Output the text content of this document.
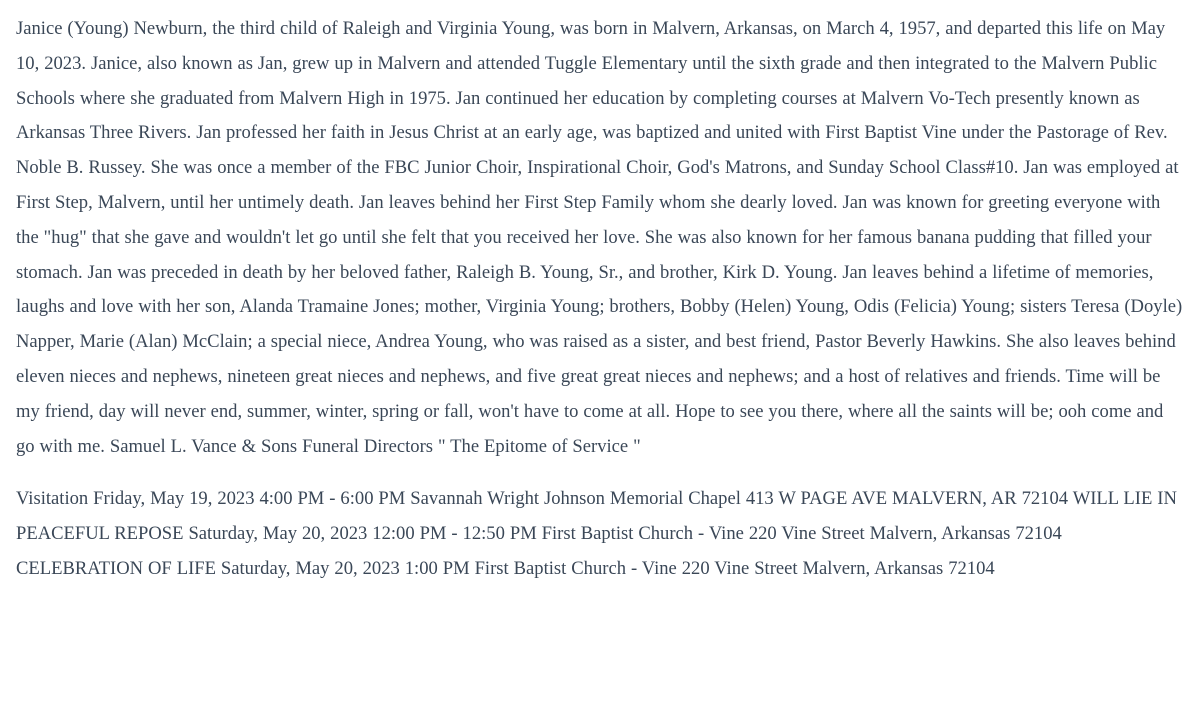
Janice (Young) Newburn, the third child of Raleigh and Virginia Young, was born in Malvern, Arkansas, on March 4, 1957, and departed this life on May 10, 2023. Janice, also known as Jan, grew up in Malvern and attended Tuggle Elementary until the sixth grade and then integrated to the Malvern Public Schools where she graduated from Malvern High in 1975. Jan continued her education by completing courses at Malvern Vo-Tech presently known as Arkansas Three Rivers. Jan professed her faith in Jesus Christ at an early age, was baptized and united with First Baptist Vine under the Pastorage of Rev. Noble B. Russey. She was once a member of the FBC Junior Choir, Inspirational Choir, God's Matrons, and Sunday School Class#10. Jan was employed at First Step, Malvern, until her untimely death. Jan leaves behind her First Step Family whom she dearly loved. Jan was known for greeting everyone with the "hug" that she gave and wouldn't let go until she felt that you received her love. She was also known for her famous banana pudding that filled your stomach. Jan was preceded in death by her beloved father, Raleigh B. Young, Sr., and brother, Kirk D. Young. Jan leaves behind a lifetime of memories, laughs and love with her son, Alanda Tramaine Jones; mother, Virginia Young; brothers, Bobby (Helen) Young, Odis (Felicia) Young; sisters Teresa (Doyle) Napper, Marie (Alan) McClain; a special niece, Andrea Young, who was raised as a sister, and best friend, Pastor Beverly Hawkins. She also leaves behind eleven nieces and nephews, nineteen great nieces and nephews, and five great great nieces and nephews; and a host of relatives and friends. Time will be my friend, day will never end, summer, winter, spring or fall, won't have to come at all. Hope to see you there, where all the saints will be; ooh come and go with me. Samuel L. Vance & Sons Funeral Directors " The Epitome of Service "

Visitation Friday, May 19, 2023 4:00 PM - 6:00 PM Savannah Wright Johnson Memorial Chapel 413 W PAGE AVE MALVERN, AR 72104 WILL LIE IN PEACEFUL REPOSE Saturday, May 20, 2023 12:00 PM - 12:50 PM First Baptist Church - Vine 220 Vine Street Malvern, Arkansas 72104 CELEBRATION OF LIFE Saturday, May 20, 2023 1:00 PM First Baptist Church - Vine 220 Vine Street Malvern, Arkansas 72104
